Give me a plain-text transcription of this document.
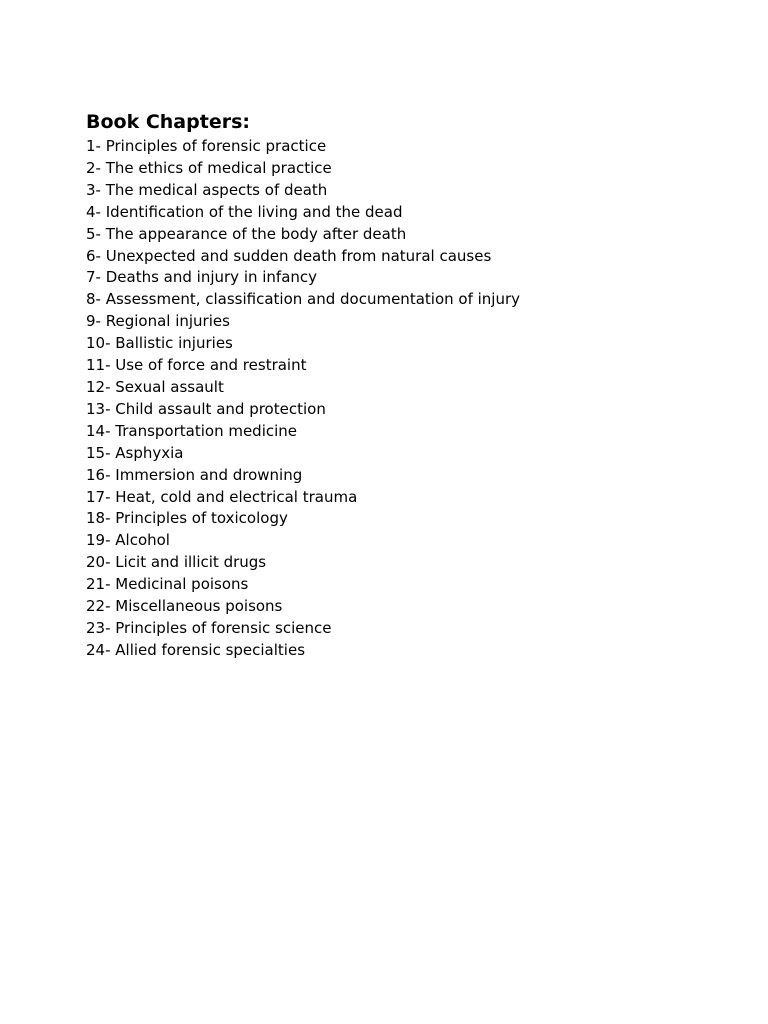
Book Chapters:
1- Principles of forensic practice
2- The ethics of medical practice
3- The medical aspects of death
4- Identification of the living and the dead
5- The appearance of the body after death
6- Unexpected and sudden death from natural causes
7- Deaths and injury in infancy
8- Assessment, classification and documentation of injury
9- Regional injuries
10- Ballistic injuries
11- Use of force and restraint
12- Sexual assault
13- Child assault and protection
14- Transportation medicine
15- Asphyxia
16- Immersion and drowning
17- Heat, cold and electrical trauma
18- Principles of toxicology
19- Alcohol
20- Licit and illicit drugs
21- Medicinal poisons
22- Miscellaneous poisons
23- Principles of forensic science
24- Allied forensic specialties
